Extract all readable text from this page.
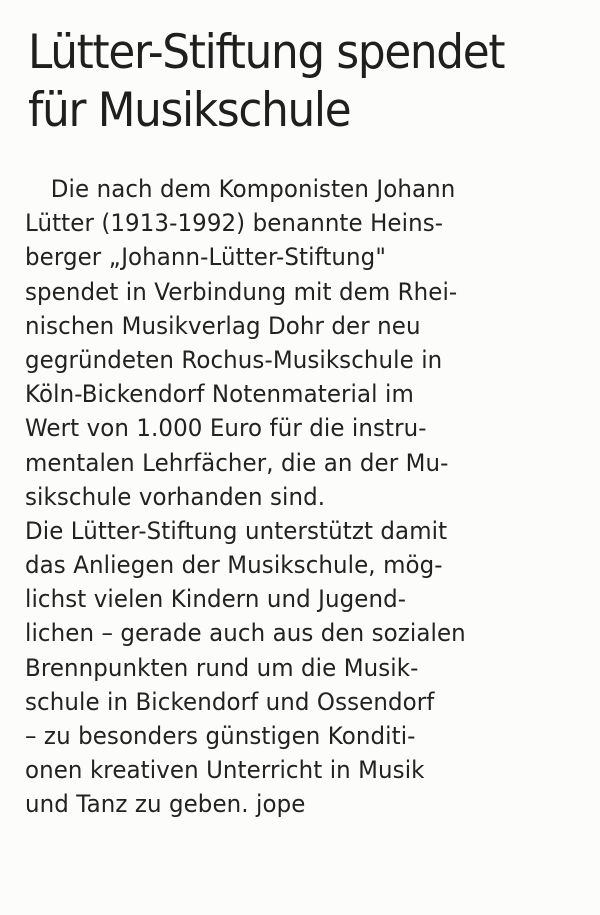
Lütter-Stiftung spendet
für Musikschule
Die nach dem Komponisten Johann
Lütter (1913-1992) benannte Heins-
berger „Johann-Lütter-Stiftung"
spendet in Verbindung mit dem Rhei-
nischen Musikverlag Dohr der neu
gegründeten Rochus-Musikschule in
Köln-Bickendorf Notenmaterial im
Wert von 1.000 Euro für die instru-
mentalen Lehrfächer, die an der Mu-
sikschule vorhanden sind.
Die Lütter-Stiftung unterstützt damit
das Anliegen der Musikschule, mög-
lichst vielen Kindern und Jugend-
lichen – gerade auch aus den sozialen
Brennpunkten rund um die Musik-
schule in Bickendorf und Ossendorf
– zu besonders günstigen Konditi-
onen kreativen Unterricht in Musik
und Tanz zu geben. jope
